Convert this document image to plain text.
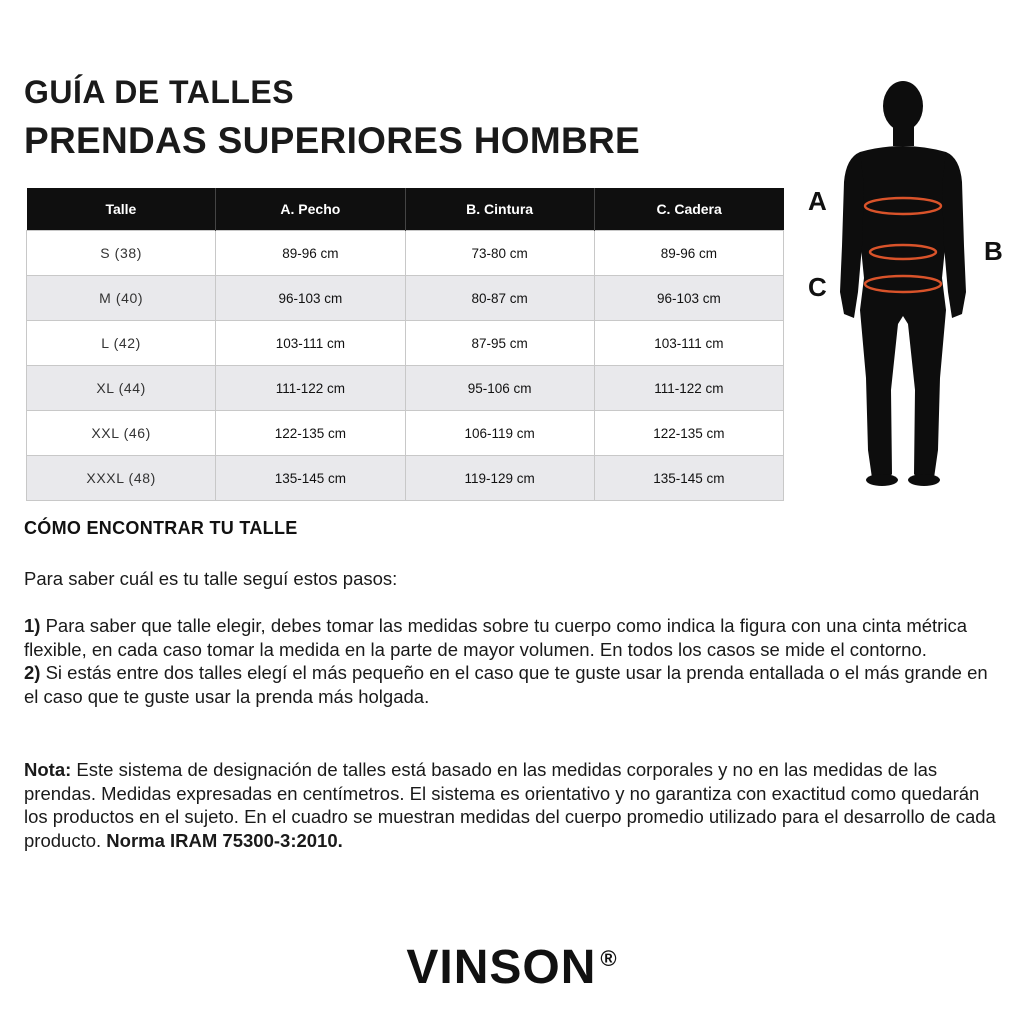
GUÍA DE TALLES
PRENDAS SUPERIORES HOMBRE
Talle	A. Pecho	B. Cintura	C. Cadera
S (38)	89-96 cm	73-80 cm	89-96 cm
M (40)	96-103 cm	80-87 cm	96-103 cm
L (42)	103-111 cm	87-95 cm	103-111 cm
XL (44)	111-122 cm	95-106 cm	111-122 cm
XXL (46)	122-135 cm	106-119 cm	122-135 cm
XXXL (48)	135-145 cm	119-129 cm	135-145 cm
A
B
C
CÓMO ENCONTRAR TU TALLE

Para saber cuál es tu talle seguí estos pasos:

1) Para saber que talle elegir, debes tomar las medidas sobre tu cuerpo como indica la figura con una cinta métrica flexible, en cada caso tomar la medida en la parte de mayor volumen. En todos los casos se mide el contorno.
2) Si estás entre dos talles elegí el más pequeño en el caso que te guste usar la prenda entallada o el más grande en el caso que te guste usar la prenda más holgada.

Nota: Este sistema de designación de talles está basado en las medidas corporales y no en las medidas de las prendas. Medidas expresadas en centímetros. El sistema es orientativo y no garantiza con exactitud como quedarán los productos en el sujeto. En el cuadro se muestran medidas del cuerpo promedio utilizado para el desarrollo de cada producto. Norma IRAM 75300-3:2010.

VINSON ®
